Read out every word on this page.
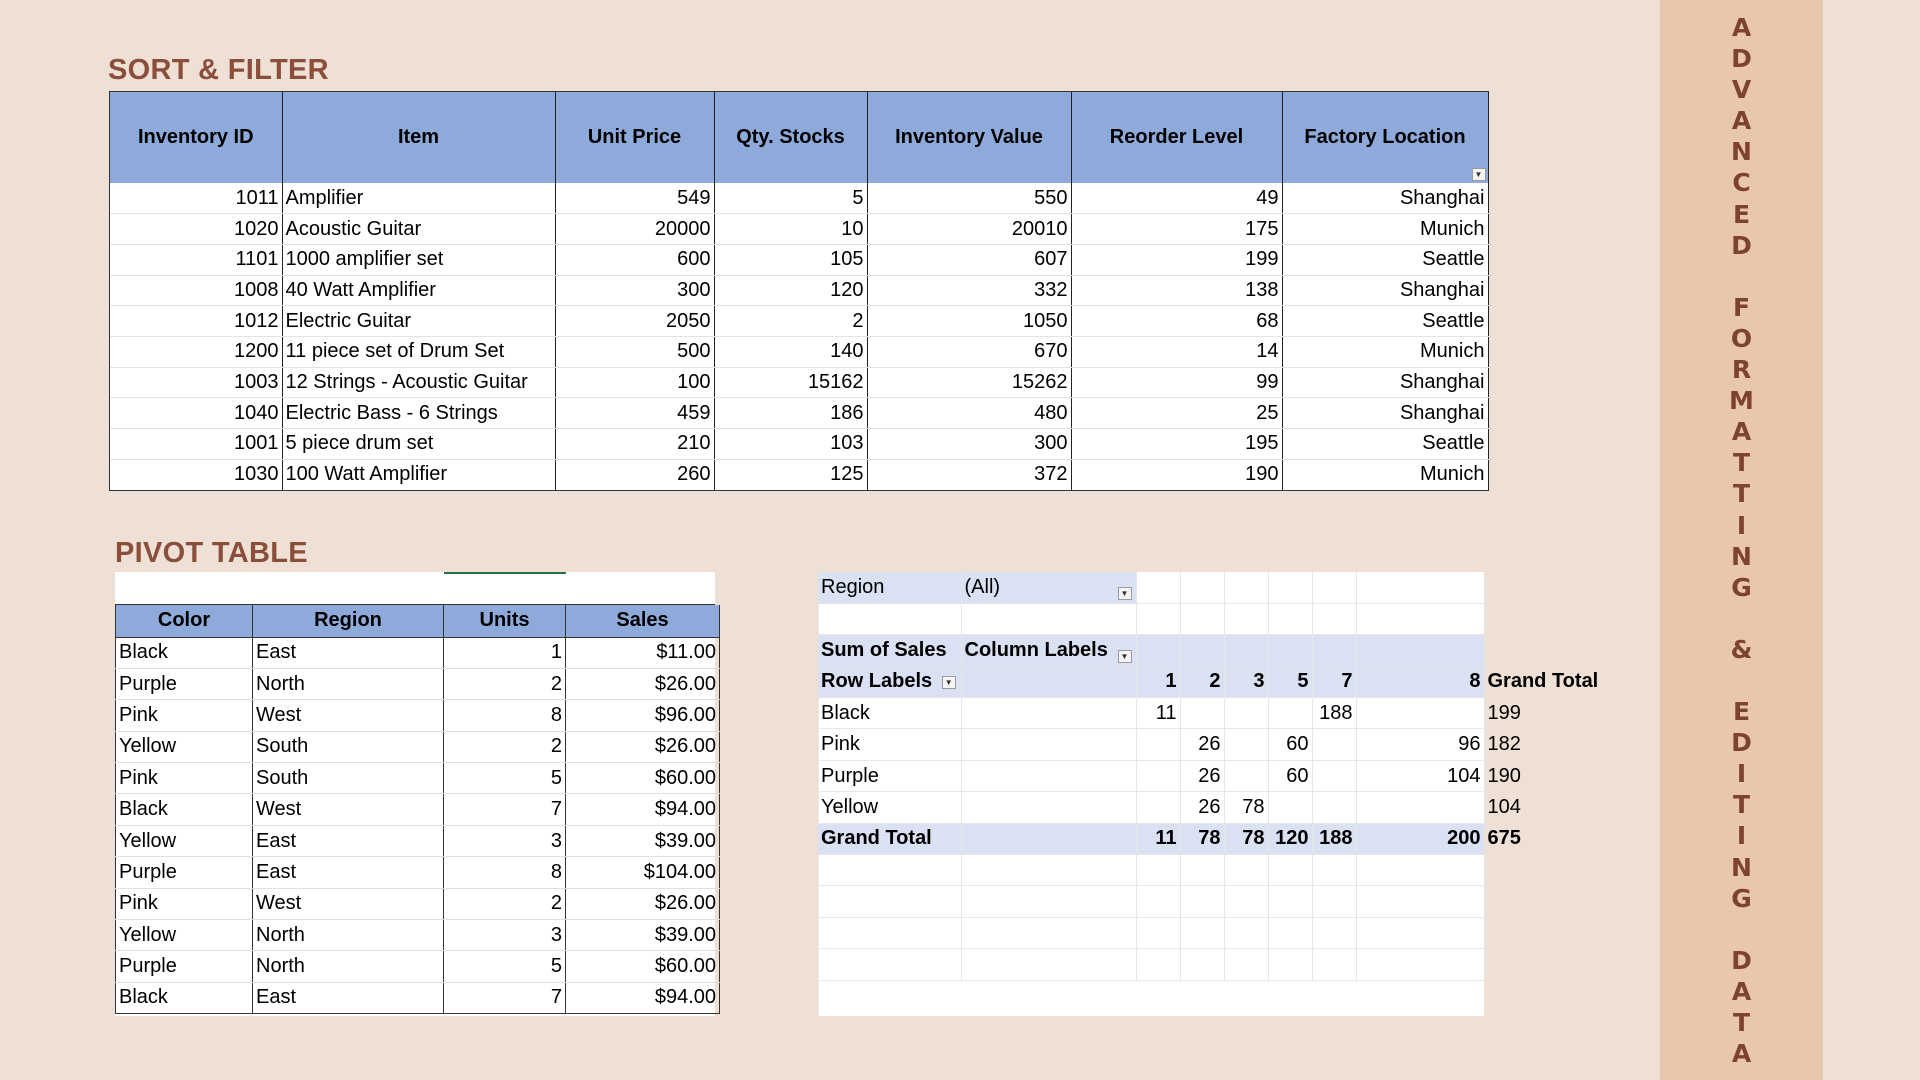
SORT & FILTER
Inventory ID	Item	Unit Price	Qty. Stocks	Inventory Value	Reorder Level	Factory Location
▼

1011	Amplifier	549	5	550	49	Shanghai
1020	Acoustic Guitar	20000	10	20010	175	Munich
1101	1000 amplifier set	600	105	607	199	Seattle
1008	40 Watt Amplifier	300	120	332	138	Shanghai
1012	Electric Guitar	2050	2	1050	68	Seattle
1200	11 piece set of Drum Set	500	140	670	14	Munich
1003	12 Strings - Acoustic Guitar	100	15162	15262	99	Shanghai
1040	Electric Bass - 6 Strings	459	186	480	25	Shanghai
1001	5 piece drum set	210	103	300	195	Seattle
1030	100 Watt Amplifier	260	125	372	190	Munich
PIVOT TABLE
Color	Region	Units	Sales
Black	East	1	$11.00
Purple	North	2	$26.00
Pink	West	8	$96.00
Yellow	South	2	$26.00
Pink	South	5	$60.00
Black	West	7	$94.00
Yellow	East	3	$39.00
Purple	East	8	$104.00
Pink	West	2	$26.00
Yellow	North	3	$39.00
Purple	North	5	$60.00
Black	East	7	$94.00
Region	(All) ▼							

Sum of Sales	Column Labels ▼							

Row Labels ▼		1	2	3	5	7	8	Grand Total
Black		11				188		199
Pink			26		60		96	182
Purple			26		60		104	190
Yellow			26	78				104
Grand Total		11	78	78	120	188	200	675

A
D
V
A
N
C
E
D
F
O
R
M
A
T
T
I
N
G
&
E
D
I
T
I
N
G
D
A
T
A
